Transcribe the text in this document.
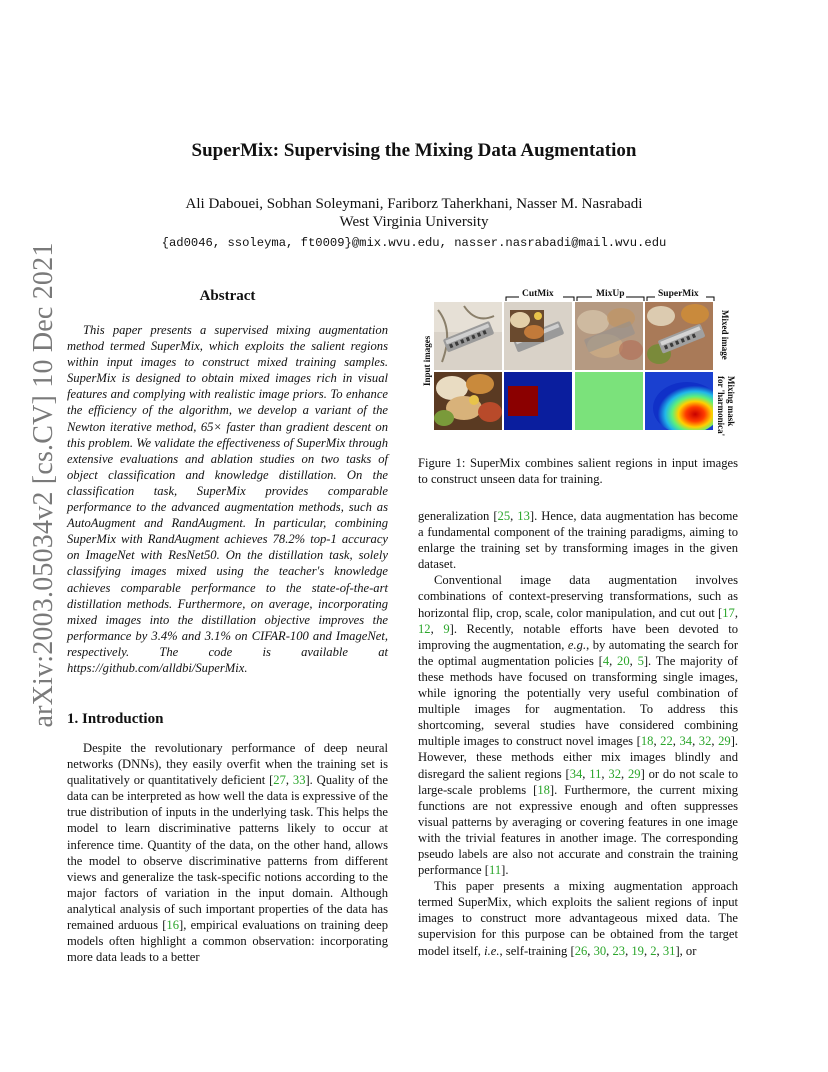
arXiv:2003.05034v2 [cs.CV] 10 Dec 2021
SuperMix: Supervising the Mixing Data Augmentation
Ali Dabouei, Sobhan Soleymani, Fariborz Taherkhani, Nasser M. Nasrabadi
West Virginia University
{ad0046, ssoleyma, ft0009}@mix.wvu.edu, nasser.nasrabadi@mail.wvu.edu
Abstract

This paper presents a supervised mixing augmentation method termed SuperMix, which exploits the salient regions within input images to construct mixed training samples. SuperMix is designed to obtain mixed images rich in visual features and complying with realistic image priors. To enhance the efficiency of the algorithm, we develop a variant of the Newton iterative method, 65× faster than gradient descent on this problem. We validate the effectiveness of SuperMix through extensive evaluations and ablation studies on two tasks of object classification and knowledge distillation. On the classification task, SuperMix provides comparable performance to the advanced augmentation methods, such as AutoAugment and RandAugment. In particular, combining SuperMix with RandAugment achieves 78.2% top-1 accuracy on ImageNet with ResNet50. On the distillation task, solely classifying images mixed using the teacher's knowledge achieves comparable performance to the state-of-the-art distillation methods. Furthermore, on average, incorporating mixed images into the distillation objective improves the performance by 3.4% and 3.1% on CIFAR-100 and ImageNet, respectively. The code is available at https://github.com/alldbi/SuperMix.

1. Introduction

Despite the revolutionary performance of deep neural networks (DNNs), they easily overfit when the training set is qualitatively or quantitatively deficient [27, 33]. Quality of the data can be interpreted as how well the data is expressive of the true distribution of inputs in the underlying task. This helps the model to learn discriminative patterns likely to occur at inference time. Quantity of the data, on the other hand, allows the model to observe discriminative patterns from different views and generalize the task-specific notions according to the major factors of variation in the input domain. Although analytical analysis of such important properties of the data has remained arduous [16], empirical evaluations on training deep models often highlight a common observation: incorporating more data leads to a better

CutMix	MixUp	SuperMix
Input images
Mixed image
Mixing mask
for 'harmonica'
Figure 1: SuperMix combines salient regions in input images to construct unseen data for training.

generalization [25, 13]. Hence, data augmentation has become a fundamental component of the training paradigms, aiming to enlarge the training set by transforming images in the given dataset.

Conventional image data augmentation involves combinations of context-preserving transformations, such as horizontal flip, crop, scale, color manipulation, and cut out [17, 12, 9]. Recently, notable efforts have been devoted to improving the augmentation, e.g., by automating the search for the optimal augmentation policies [4, 20, 5]. The majority of these methods have focused on transforming single images, while ignoring the potentially very useful combination of multiple images for augmentation. To address this shortcoming, several studies have considered combining multiple images to construct novel images [18, 22, 34, 32, 29]. However, these methods either mix images blindly and disregard the salient regions [34, 11, 32, 29] or do not scale to large-scale problems [18]. Furthermore, the current mixing functions are not expressive enough and often suppresses visual patterns by averaging or covering features in one image with the trivial features in another image. The corresponding pseudo labels are also not accurate and constrain the training performance [11].

This paper presents a mixing augmentation approach termed SuperMix, which exploits the salient regions of input images to construct more advantageous mixed data. The supervision for this purpose can be obtained from the target model itself, i.e., self-training [26, 30, 23, 19, 2, 31], or
